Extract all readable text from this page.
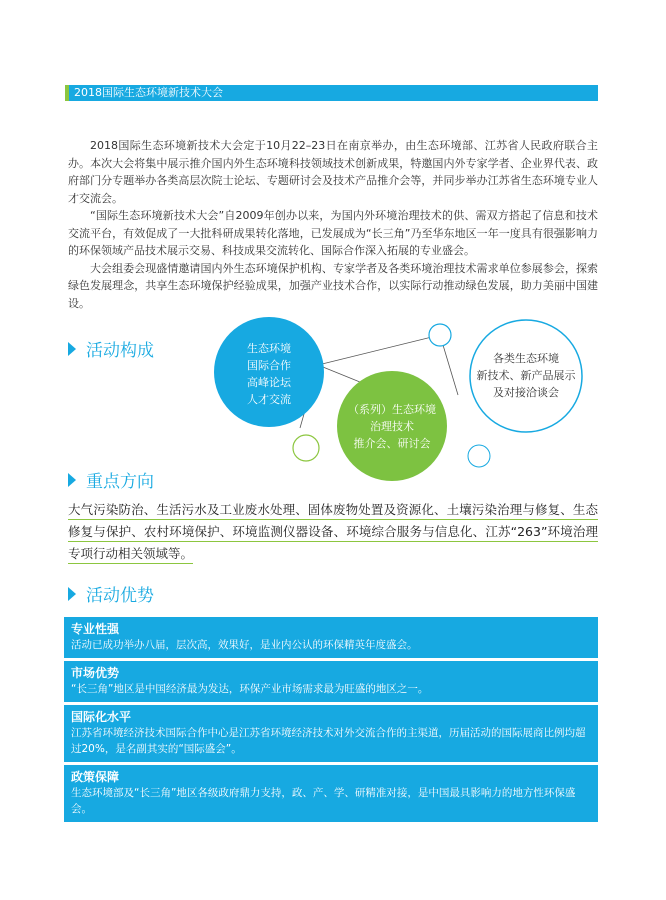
2018国际生态环境新技术大会

2018国际生态环境新技术大会定于10月22–23日在南京举办，由生态环境部、江苏省人民政府联合主办。本次大会将集中展示推介国内外生态环境科技领域技术创新成果，特邀国内外专家学者、企业界代表、政府部门分专题举办各类高层次院士论坛、专题研讨会及技术产品推介会等，并同步举办江苏省生态环境专业人才交流会。

“国际生态环境新技术大会”自2009年创办以来，为国内外环境治理技术的供、需双方搭起了信息和技术交流平台，有效促成了一大批科研成果转化落地，已发展成为“长三角”乃至华东地区一年一度具有很强影响力的环保领域产品技术展示交易、科技成果交流转化、国际合作深入拓展的专业盛会。

大会组委会现盛情邀请国内外生态环境保护机构、专家学者及各类环境治理技术需求单位参展参会，探索绿色发展理念，共享生态环境保护经验成果，加强产业技术合作，以实际行动推动绿色发展，助力美丽中国建设。

活动构成	生态环境
国际合作
高峰论坛
人才交流
（系列）生态环境
治理技术
推介会、研讨会
各类生态环境
新技术、新产品展示
及对接洽谈会
重点方向
大气污染防治、生活污水及工业废水处理、固体废物处置及资源化、土壤污染治理与修复、生态修复与保护、农村环境保护、环境监测仪器设备、环境综合服务与信息化、江苏“263”环境治理专项行动相关领域等。
活动优势
专业性强
活动已成功举办八届，层次高，效果好，是业内公认的环保精英年度盛会。
市场优势
“长三角”地区是中国经济最为发达，环保产业市场需求最为旺盛的地区之一。
国际化水平
江苏省环境经济技术国际合作中心是江苏省环境经济技术对外交流合作的主渠道，历届活动的国际展商比例均超过20%，是名副其实的“国际盛会”。
政策保障
生态环境部及“长三角”地区各级政府鼎力支持，政、产、学、研精准对接，是中国最具影响力的地方性环保盛会。
